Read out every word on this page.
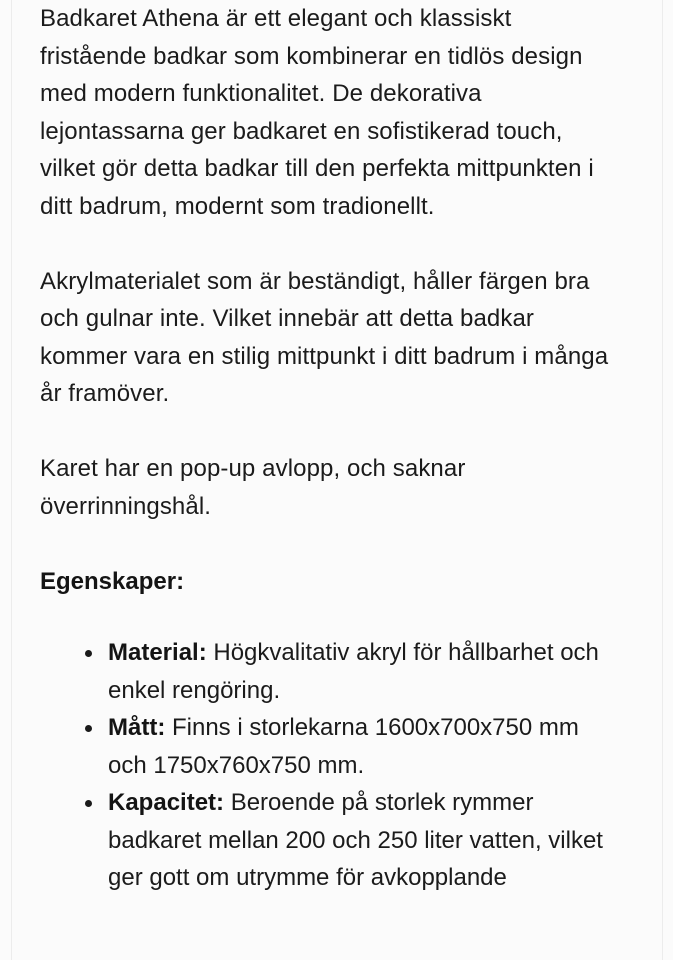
Badkaret Athena är ett elegant och klassiskt fristående badkar som kombinerar en tidlös design med modern funktionalitet. De dekorativa lejontassarna ger badkaret en sofistikerad touch, vilket gör detta badkar till den perfekta mittpunkten i ditt badrum, modernt som tradionellt.

Akrylmaterialet som är beständigt, håller färgen bra och gulnar inte. Vilket innebär att detta badkar kommer vara en stilig mittpunkt i ditt badrum i många år framöver.

Karet har en pop-up avlopp, och saknar överrinningshål.

Egenskaper:
Material: Högkvalitativ akryl för hållbarhet och enkel rengöring.
Mått: Finns i storlekarna 1600x700x750 mm och 1750x760x750 mm.
Kapacitet: Beroende på storlek rymmer badkaret mellan 200 och 250 liter vatten, vilket ger gott om utrymme för avkopplande
